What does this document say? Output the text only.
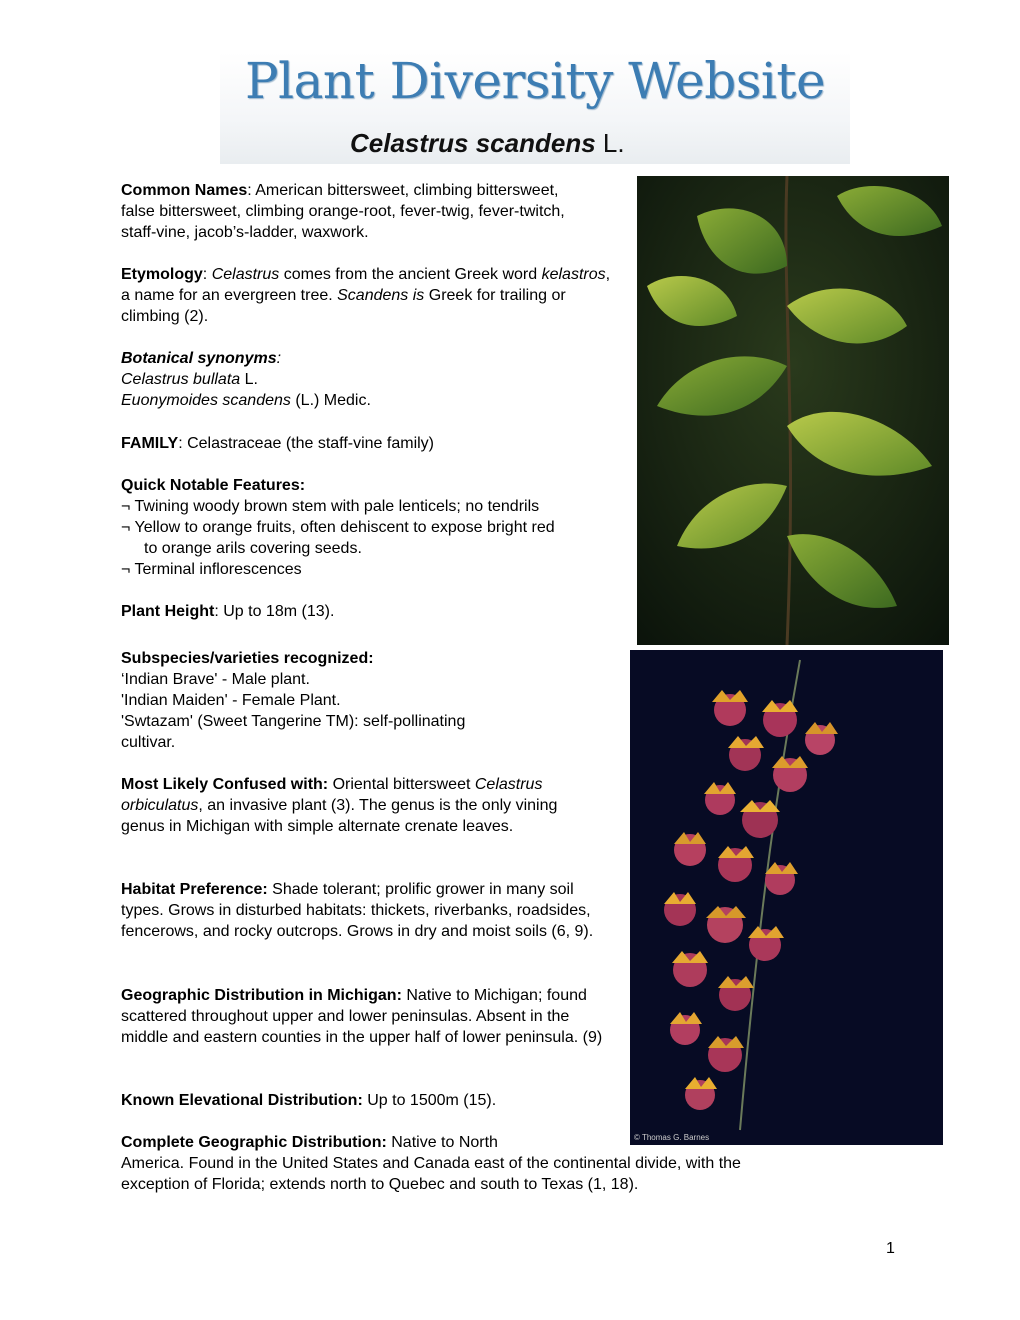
Plant Diversity Website
Celastrus scandens L.

Common Names: American bittersweet, climbing bittersweet, false bittersweet, climbing orange-root, fever-twig, fever-twitch, staff-vine, jacob’s-ladder, waxwork.

Etymology: Celastrus comes from the ancient Greek word kelastros, a name for an evergreen tree. Scandens is Greek for trailing or climbing (2).
Botanical synonyms:
Celastrus bullata L.
Euonymoides scandens (L.) Medic.
FAMILY: Celastraceae (the staff-vine family)
Quick Notable Features:
¬ Twining woody brown stem with pale lenticels; no tendrils
¬ Yellow to orange fruits, often dehiscent to expose bright red
to orange arils covering seeds.
¬ Terminal inflorescences
Plant Height: Up to 18m (13).
Subspecies/varieties recognized:
‘Indian Brave' - Male plant.
'Indian Maiden' - Female Plant.
'Swtazam' (Sweet Tangerine TM): self-pollinating
cultivar.
Most Likely Confused with: Oriental bittersweet Celastrus orbiculatus, an invasive plant (3). The genus is the only vining genus in Michigan with simple alternate crenate leaves.
Habitat Preference: Shade tolerant; prolific grower in many soil types. Grows in disturbed habitats: thickets, riverbanks, roadsides, fencerows, and rocky outcrops. Grows in dry and moist soils (6, 9).
Geographic Distribution in Michigan: Native to Michigan; found scattered throughout upper and lower peninsulas. Absent in the middle and eastern counties in the upper half of lower peninsula. (9)
Known Elevational Distribution: Up to 1500m (15).
Complete Geographic Distribution: Native to North
America. Found in the United States and Canada east of the continental divide, with the
exception of Florida; extends north to Quebec and south to Texas (1, 18).
© Thomas G. Barnes
1
